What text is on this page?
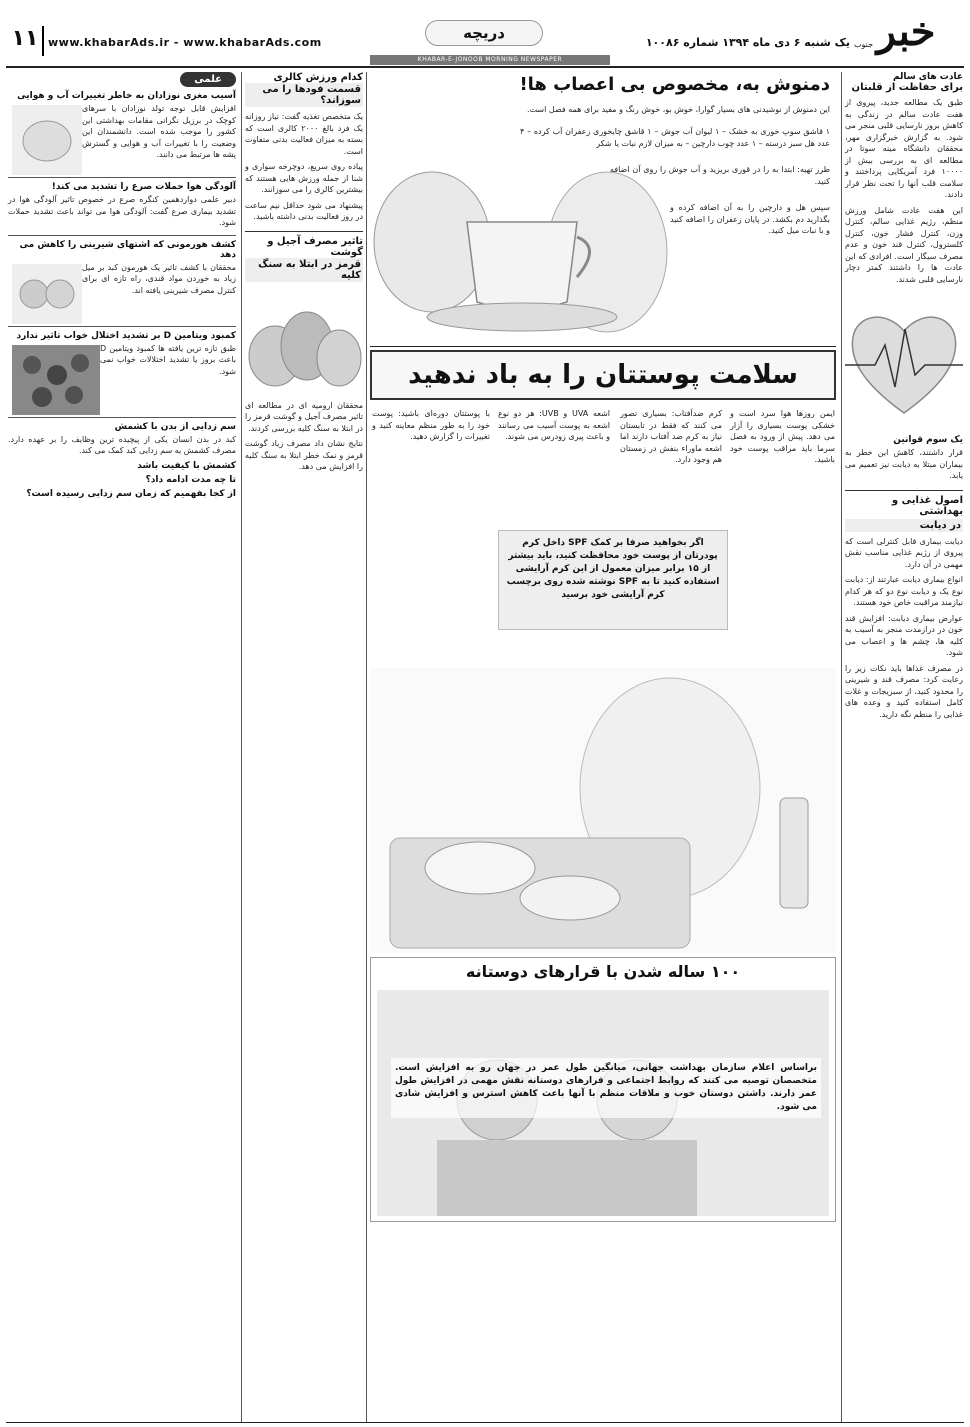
۱۱ www.khabarAds.ir - www.khabarAds.com
دریچه
یک شنبه ۶ دی ماه ۱۳۹۴ شماره ۱۰۰۸۶ خبر
جنوب
KHABAR-E-JONOOB MORNING NEWSPAPER
عادت های سالم
برای حفاظت از قلبتان
طبق یک مطالعه جدید، پیروی از هفت عادت سالم در زندگی به کاهش بروز نارسایی قلبی منجر می شود. به گزارش خبرگزاری مهر، محققان دانشگاه مینه سوتا در مطالعه ای به بررسی بیش از ۱۰۰۰۰ فرد آمریکایی پرداختند و سلامت قلب آنها را تحت نظر قرار دادند.
این هفت عادت شامل ورزش منظم، رژیم غذایی سالم، کنترل وزن، کنترل فشار خون، کنترل کلسترول، کنترل قند خون و عدم مصرف سیگار است. افرادی که این عادت ها را داشتند کمتر دچار نارسایی قلبی شدند.
یک سوم قوانین
قرار داشتند، کاهش این خطر به بیماران مبتلا به دیابت نیز تعمیم می یابد.
اصول غذایی و بهداشتی
در دیابت
دیابت بیماری قابل کنترلی است که پیروی از رژیم غذایی مناسب نقش مهمی در آن دارد.
انواع بیماری دیابت عبارتند از: دیابت نوع یک و دیابت نوع دو که هر کدام نیازمند مراقبت خاص خود هستند.
عوارض بیماری دیابت: افزایش قند خون در درازمدت منجر به آسیب به کلیه ها، چشم ها و اعصاب می شود.
در مصرف غذاها باید نکات زیر را رعایت کرد: مصرف قند و شیرینی را محدود کنید، از سبزیجات و غلات کامل استفاده کنید و وعده های غذایی را منظم نگه دارید.
دمنوش به، مخصوص بی اعصاب ها!
این دمنوش از نوشیدنی های بسیار گوارا، خوش بو، خوش رنگ و مفید برای همه فصل است.
۱ قاشق سوپ خوری به خشک – ۱ لیوان آب جوش – ۱ قاشق چایخوری زعفران آب کرده – ۴ عدد هل سبز درسته – ۱ عدد چوب دارچین – به میزان لازم نبات یا شکر
طرز تهیه: ابتدا به را در قوری بریزید و آب جوش را روی آن اضافه کنید.
سپس هل و دارچین را به آن اضافه کرده و بگذارید دم بکشد. در پایان زعفران را اضافه کنید و با نبات میل کنید.
سلامت پوستتان را به باد ندهید
ایمن روزها هوا سرد است و خشکی پوست بسیاری را آزار می دهد. پیش از ورود به فصل سرما باید مراقب پوست خود باشید.
کرم ضدآفتاب: بسیاری تصور می کنند که فقط در تابستان نیاز به کرم ضد آفتاب دارند اما اشعه ماوراء بنفش در زمستان هم وجود دارد.
اشعه UVA و UVB: هر دو نوع اشعه به پوست آسیب می رسانند و باعث پیری زودرس می شوند.
با پوستتان دوره‌ای باشید: پوست خود را به طور منظم معاینه کنید و تغییرات را گزارش دهید.
اگر بخواهید صرفا بر کمک SPF داخل کرم پودرتان از پوست خود محافظت کنید، باید بیشتر از ۱۵ برابر میزان معمول از این کرم آرایشی استفاده کنید تا به SPF نوشته شده روی برچسب کرم آرایشی خود برسید
۱۰۰ ساله شدن با قرارهای دوستانه
براساس اعلام سازمان بهداشت جهانی، میانگین طول عمر در جهان رو به افزایش است. متخصصان توصیه می کنند که روابط اجتماعی و قرارهای دوستانه نقش مهمی در افزایش طول عمر دارند. داشتن دوستان خوب و ملاقات منظم با آنها باعث کاهش استرس و افزایش شادی می شود.
کدام ورزش کالری
قسمت فودها را می سوزاند؟
یک متخصص تغذیه گفت: نیاز روزانه یک فرد بالغ ۲۰۰۰ کالری است که بسته به میزان فعالیت بدنی متفاوت است.
پیاده روی سریع، دوچرخه سواری و شنا از جمله ورزش هایی هستند که بیشترین کالری را می سوزانند.
پیشنهاد می شود حداقل نیم ساعت در روز فعالیت بدنی داشته باشید.
تاثیر مصرف آجیل و گوشت
قرمز در ابتلا به سنگ کلیه
محققان ارومیه ای در مطالعه ای تاثیر مصرف آجیل و گوشت قرمز را در ابتلا به سنگ کلیه بررسی کردند.
نتایج نشان داد مصرف زیاد گوشت قرمز و نمک خطر ابتلا به سنگ کلیه را افزایش می دهد.
علمی
آسیب مغزی نوزادان به خاطر تغییرات آب و هوایی
افزایش قابل توجه تولد نوزادان با سرهای کوچک در برزیل نگرانی مقامات بهداشتی این کشور را موجب شده است. دانشمندان این وضعیت را با تغییرات آب و هوایی و گسترش پشه ها مرتبط می دانند.
آلودگی هوا حملات صرع را تشدید می کند!
دبیر علمی دوازدهمین کنگره صرع در خصوص تاثیر آلودگی هوا در تشدید بیماری صرع گفت: آلودگی هوا می تواند باعث تشدید حملات شود.
کشف هورمونی که اشتهای شیرینی را کاهش می دهد
محققان با کشف تاثیر یک هورمون کبد بر میل زیاد به خوردن مواد قندی، راه تازه ای برای کنترل مصرف شیرینی یافته اند.
کمبود ویتامین D بر تشدید اختلال خواب تاثیر ندارد
طبق تازه ترین یافته ها کمبود ویتامین D باعث بروز یا تشدید اختلالات خواب نمی شود.
سم زدایی از بدن با کشمش
کبد در بدن انسان یکی از پیچیده ترین وظایف را بر عهده دارد. مصرف کشمش به سم زدایی کبد کمک می کند.
کشمش با کیفیت باشد
تا چه مدت ادامه داد؟
از کجا بفهمیم که زمان سم زدایی رسیده است؟
